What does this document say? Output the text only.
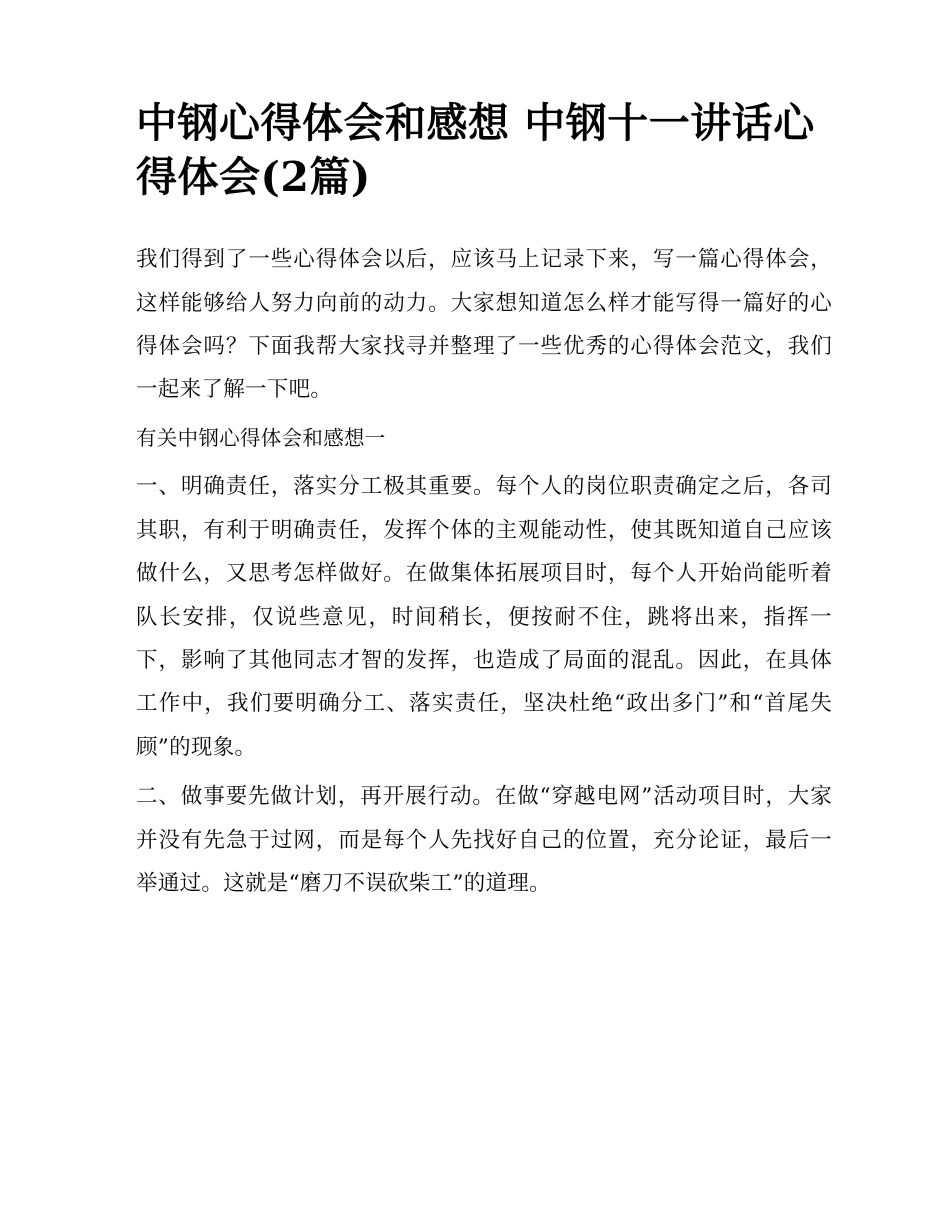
中钢心得体会和感想 中钢十一讲话心得体会(2篇)

我们得到了一些心得体会以后，应该马上记录下来，写一篇心得体会，这样能够给人努力向前的动力。大家想知道怎么样才能写得一篇好的心得体会吗？下面我帮大家找寻并整理了一些优秀的心得体会范文，我们一起来了解一下吧。

有关中钢心得体会和感想一

一、明确责任，落实分工极其重要。每个人的岗位职责确定之后，各司其职，有利于明确责任，发挥个体的主观能动性，使其既知道自己应该做什么，又思考怎样做好。在做集体拓展项目时，每个人开始尚能听着队长安排，仅说些意见，时间稍长，便按耐不住，跳将出来，指挥一下，影响了其他同志才智的发挥，也造成了局面的混乱。因此，在具体工作中，我们要明确分工、落实责任，坚决杜绝“政出多门”和“首尾失顾”的现象。

二、做事要先做计划，再开展行动。在做“穿越电网”活动项目时，大家并没有先急于过网，而是每个人先找好自己的位置，充分论证，最后一举通过。这就是“磨刀不误砍柴工”的道理。
